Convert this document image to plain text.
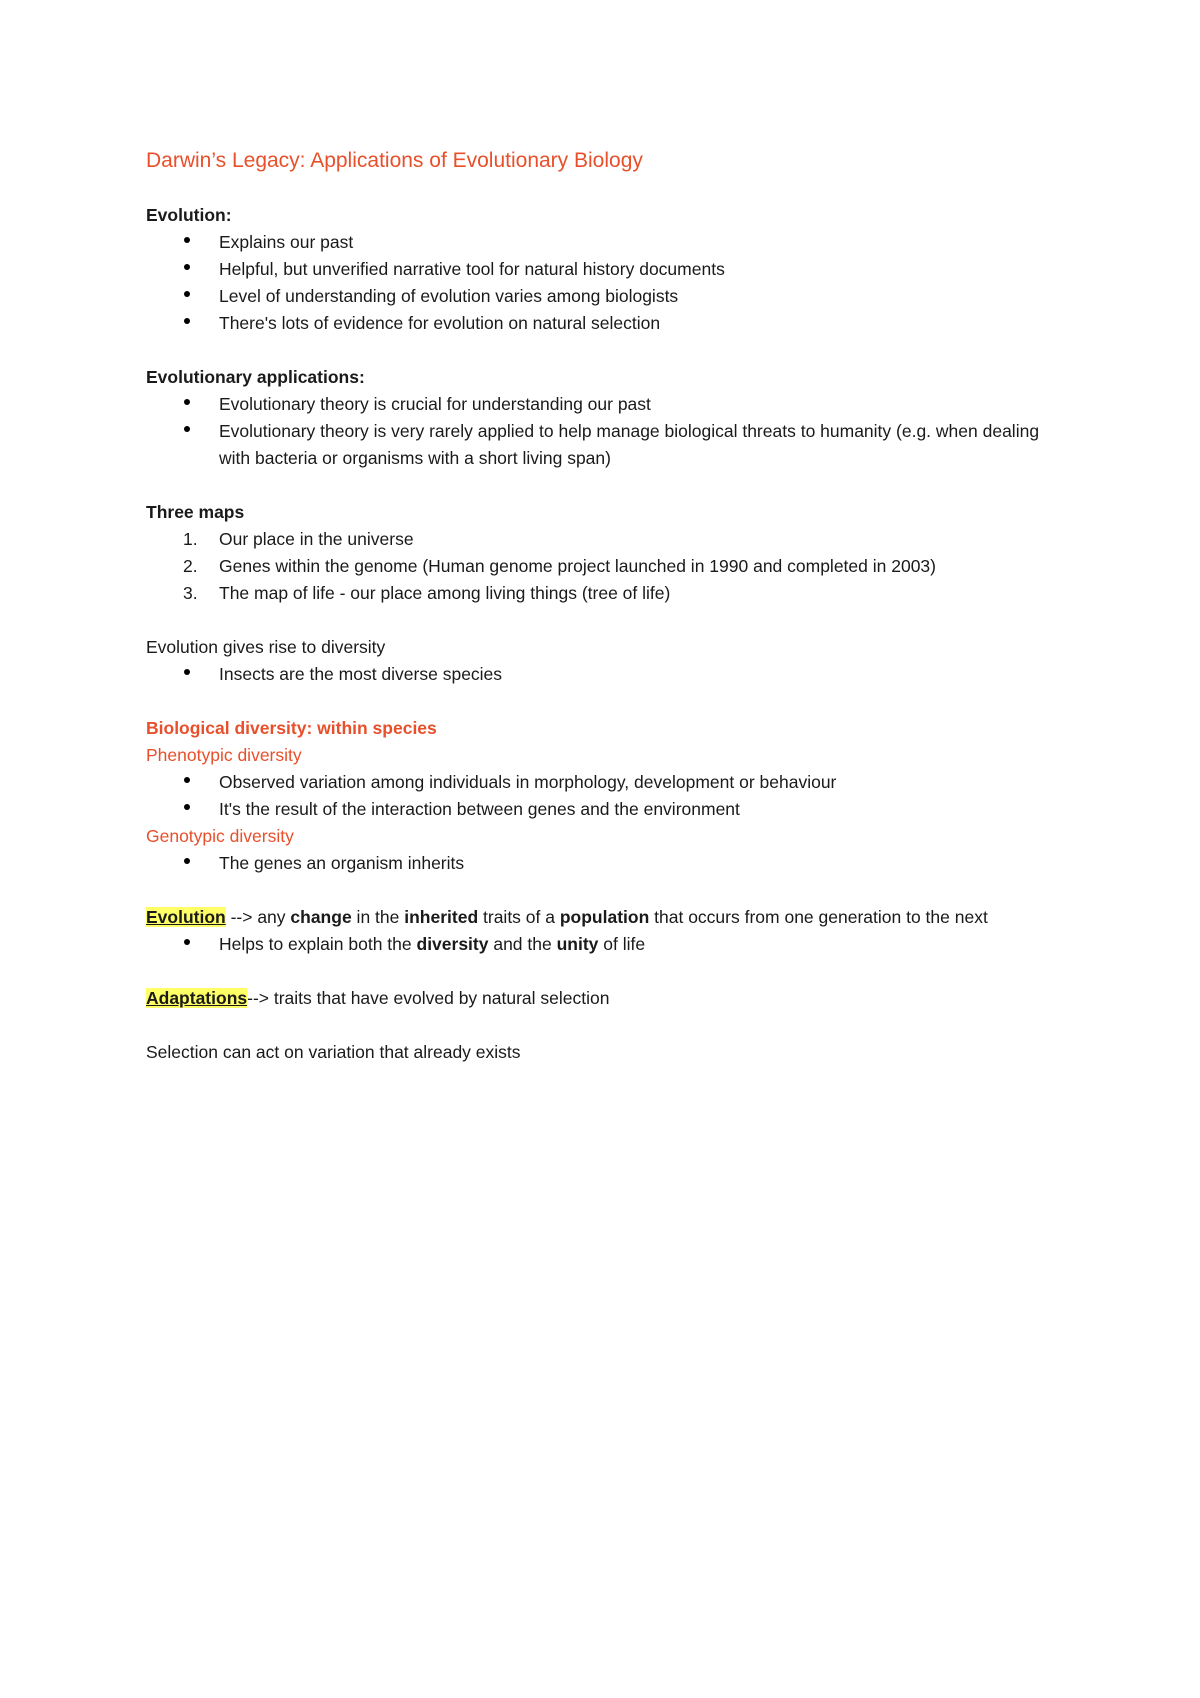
Darwin’s Legacy: Applications of Evolutionary Biology

Evolution:

Explains our past
Helpful, but unverified narrative tool for natural history documents
Level of understanding of evolution varies among biologists
There's lots of evidence for evolution on natural selection

Evolutionary applications:

Evolutionary theory is crucial for understanding our past
Evolutionary theory is very rarely applied to help manage biological threats to humanity (e.g. when dealing with bacteria or organisms with a short living span)

Three maps

1. Our place in the universe
2. Genes within the genome (Human genome project launched in 1990 and completed in 2003)
3. The map of life - our place among living things (tree of life)

Evolution gives rise to diversity

Insects are the most diverse species

Biological diversity: within species

Phenotypic diversity

Observed variation among individuals in morphology, development or behaviour
It's the result of the interaction between genes and the environment

Genotypic diversity

The genes an organism inherits

Evolution --> any change in the inherited traits of a population that occurs from one generation to the next

Helps to explain both the diversity and the unity of life

Adaptations--> traits that have evolved by natural selection

Selection can act on variation that already exists
